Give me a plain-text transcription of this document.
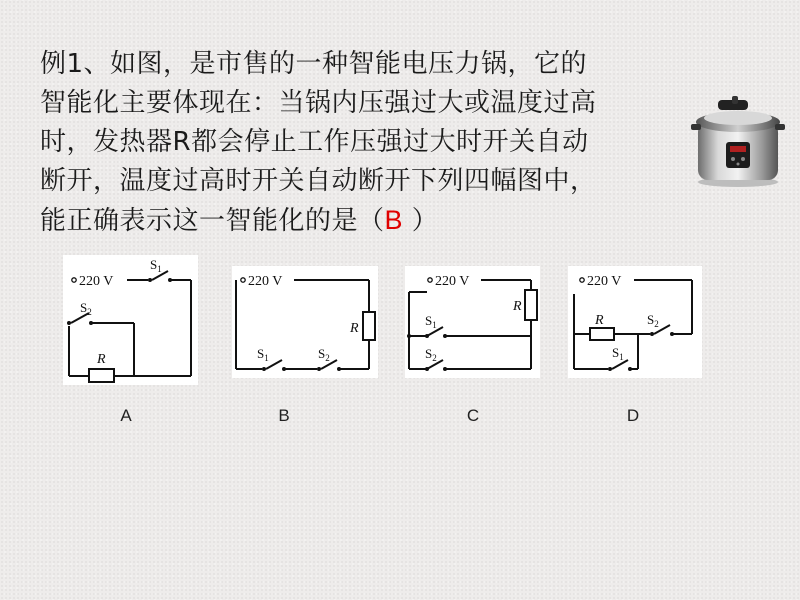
例1、如图，是市售的一种智能电压力锅，它的
智能化主要体现在：当锅内压强过大或温度过高
时，发热器R都会停止工作压强过大时开关自动
断开，温度过高时开关自动断开下列四幅图中，
能正确表示这一智能化的是（B ）
220 V
$S_1$
$S_2$
R
220 V
R
$S_1$	$S_2$
220 V
R
$S_1$
$S_2$
220 V
R	$S_2$
$S_1$
A	B	C	D
